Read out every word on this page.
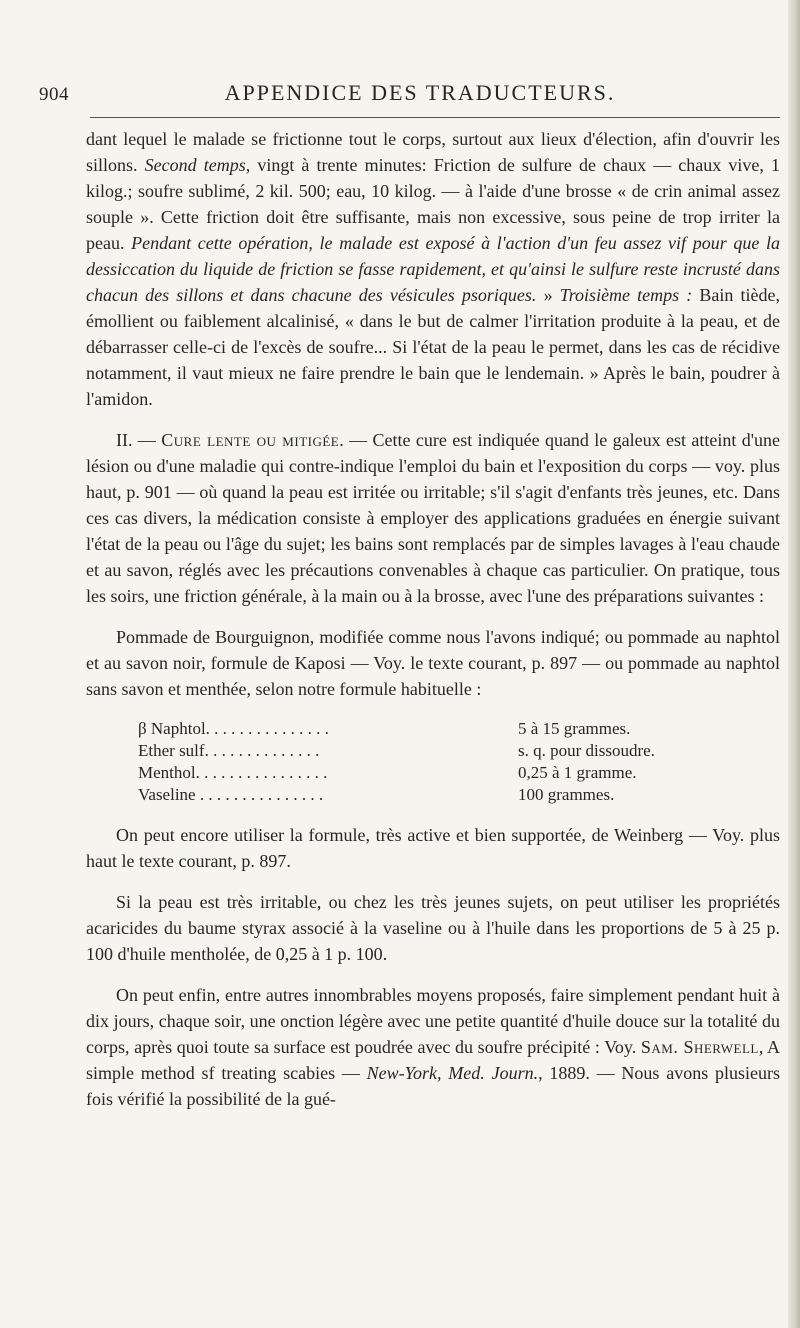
904	APPENDICE DES TRADUCTEURS.

dant lequel le malade se frictionne tout le corps, surtout aux lieux d'élection, afin d'ouvrir les sillons. Second temps, vingt à trente minutes: Friction de sulfure de chaux — chaux vive, 1 kilog.; soufre sublimé, 2 kil. 500; eau, 10 kilog. — à l'aide d'une brosse « de crin animal assez souple ». Cette friction doit être suffisante, mais non excessive, sous peine de trop irriter la peau. Pendant cette opération, le malade est exposé à l'action d'un feu assez vif pour que la dessiccation du liquide de friction se fasse rapidement, et qu'ainsi le sulfure reste incrusté dans chacun des sillons et dans chacune des vésicules psoriques. » Troisième temps : Bain tiède, émollient ou faiblement alcalinisé, « dans le but de calmer l'irritation produite à la peau, et de débarrasser celle-ci de l'excès de soufre... Si l'état de la peau le permet, dans les cas de récidive notamment, il vaut mieux ne faire prendre le bain que le lendemain. » Après le bain, poudrer à l'amidon.

II. — Cure lente ou mitigée. — Cette cure est indiquée quand le galeux est atteint d'une lésion ou d'une maladie qui contre-indique l'emploi du bain et l'exposition du corps — voy. plus haut, p. 901 — où quand la peau est irritée ou irritable; s'il s'agit d'enfants très jeunes, etc. Dans ces cas divers, la médication consiste à employer des applications graduées en énergie suivant l'état de la peau ou l'âge du sujet; les bains sont remplacés par de simples lavages à l'eau chaude et au savon, réglés avec les précautions convenables à chaque cas particulier. On pratique, tous les soirs, une friction générale, à la main ou à la brosse, avec l'une des préparations suivantes :

Pommade de Bourguignon, modifiée comme nous l'avons indiqué; ou pommade au naphtol et au savon noir, formule de Kaposi — Voy. le texte courant, p. 897 — ou pommade au naphtol sans savon et menthée, selon notre formule habituelle :

β Naphtol. . . . . . . . . . . . . . .	5 à 15 grammes.
Ether sulf. . . . . . . . . . . . . .	s. q. pour dissoudre.
Menthol. . . . . . . . . . . . . . . .	0,25 à 1 gramme.
Vaseline . . . . . . . . . . . . . . .	100 grammes.

On peut encore utiliser la formule, très active et bien supportée, de Weinberg — Voy. plus haut le texte courant, p. 897.

Si la peau est très irritable, ou chez les très jeunes sujets, on peut utiliser les propriétés acaricides du baume styrax associé à la vaseline ou à l'huile dans les proportions de 5 à 25 p. 100 d'huile mentholée, de 0,25 à 1 p. 100.

On peut enfin, entre autres innombrables moyens proposés, faire simplement pendant huit à dix jours, chaque soir, une onction légère avec une petite quantité d'huile douce sur la totalité du corps, après quoi toute sa surface est poudrée avec du soufre précipité : Voy. Sam. Sherwell, A simple method sf treating scabies — New-York, Med. Journ., 1889. — Nous avons plusieurs fois vérifié la possibilité de la gué-
